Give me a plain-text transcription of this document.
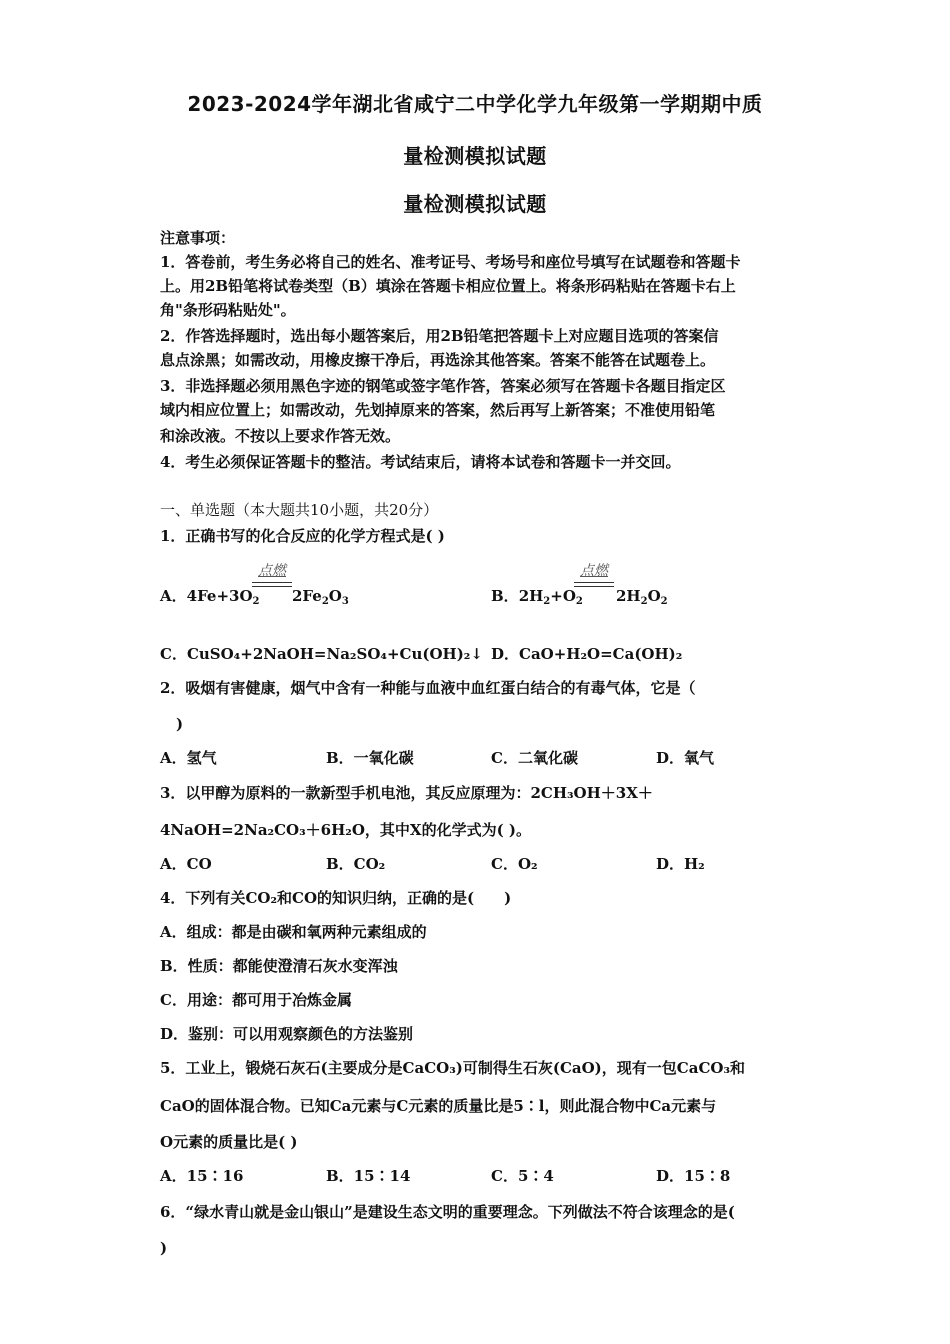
2023-2024学年湖北省咸宁二中学化学九年级第一学期期中质
量检测模拟试题
量检测模拟试题
注意事项：
1．答卷前，考生务必将自己的姓名、准考证号、考场号和座位号填写在试题卷和答题卡
上。用2B铅笔将试卷类型（B）填涂在答题卡相应位置上。将条形码粘贴在答题卡右上
角"条形码粘贴处"。
2．作答选择题时，选出每小题答案后，用2B铅笔把答题卡上对应题目选项的答案信
息点涂黑；如需改动，用橡皮擦干净后，再选涂其他答案。答案不能答在试题卷上。
3．非选择题必须用黑色字迹的钢笔或签字笔作答，答案必须写在答题卡各题目指定区
域内相应位置上；如需改动，先划掉原来的答案，然后再写上新答案；不准使用铅笔
和涂改液。不按以上要求作答无效。
4．考生必须保证答题卡的整洁。考试结束后，请将本试卷和答题卡一并交回。
一、单选题（本大题共10小题，共20分）
1．正确书写的化合反应的化学方程式是( )
点燃
A．$4Fe+3O_2$ $2Fe_2O_3$
点燃
B．$2H_2+O_2$ $2H_2O_2$
C．CuSO₄+2NaOH=Na₂SO₄+Cu(OH)₂↓ D．CaO+H₂O=Ca(OH)₂
2．吸烟有害健康，烟气中含有一种能与血液中血红蛋白结合的有毒气体，它是（
)
A．氢气	B．一氧化碳	C．二氧化碳	D．氧气
3．以甲醇为原料的一款新型手机电池，其反应原理为：2CH₃OH＋3X＋
4NaOH=2Na₂CO₃＋6H₂O，其中X的化学式为( )。
A．CO	B．CO₂	C．O₂	D．H₂
4．下列有关CO₂和CO的知识归纳，正确的是(　　)
A．组成：都是由碳和氧两种元素组成的
B．性质：都能使澄清石灰水变浑浊
C．用途：都可用于冶炼金属
D．鉴别：可以用观察颜色的方法鉴别
5．工业上，锻烧石灰石(主要成分是CaCO₃)可制得生石灰(CaO)，现有一包CaCO₃和
CaO的固体混合物。已知Ca元素与C元素的质量比是5∶l，则此混合物中Ca元素与
O元素的质量比是( )
A．15∶16	B．15∶14	C．5∶4	D．15∶8
6．“绿水青山就是金山银山”是建设生态文明的重要理念。下列做法不符合该理念的是(
)
